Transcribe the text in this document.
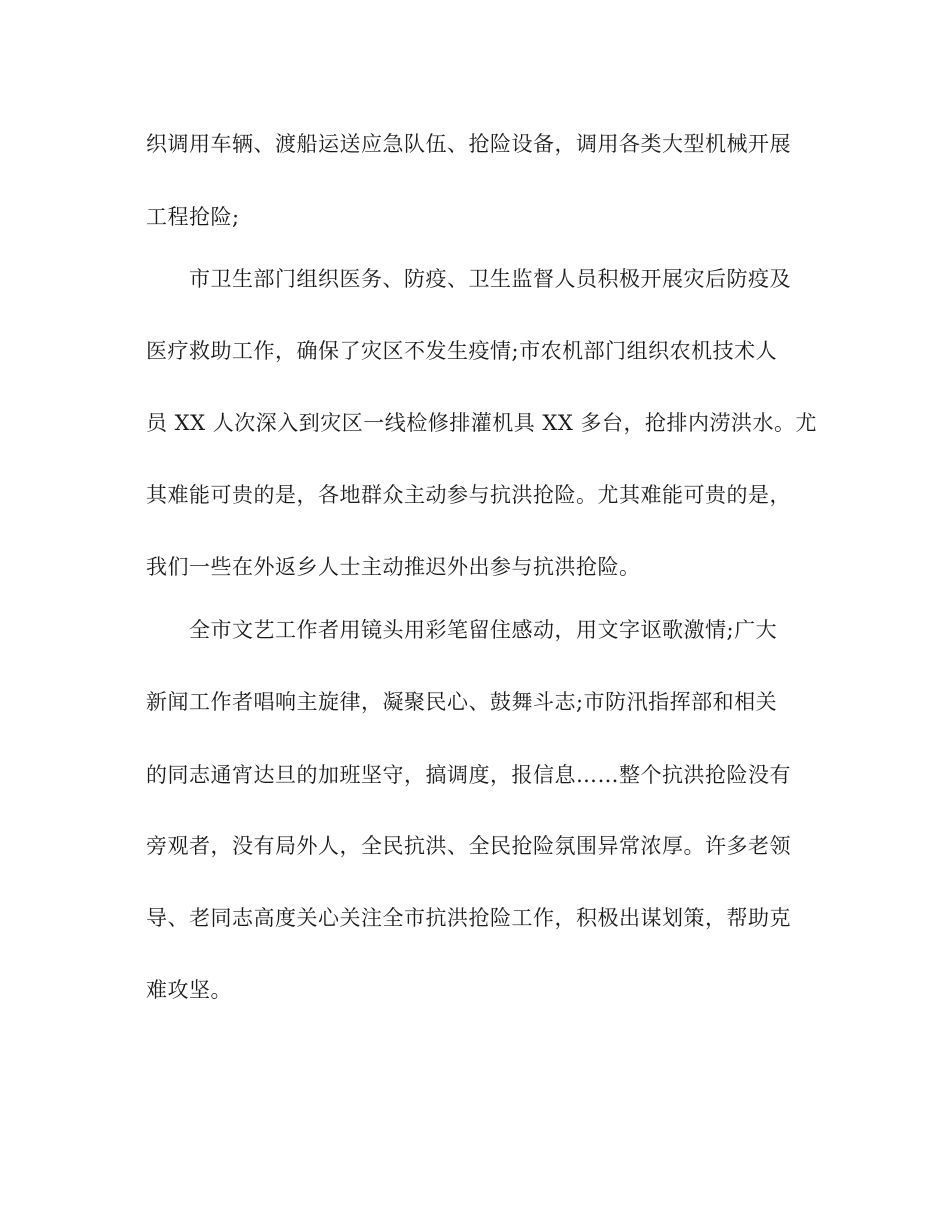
织调用车辆、渡船运送应急队伍、抢险设备，调用各类大型机械开展
工程抢险;
市卫生部门组织医务、防疫、卫生监督人员积极开展灾后防疫及
医疗救助工作，确保了灾区不发生疫情;市农机部门组织农机技术人
员 XX 人次深入到灾区一线检修排灌机具 XX 多台，抢排内涝洪水。尤
其难能可贵的是，各地群众主动参与抗洪抢险。尤其难能可贵的是，
我们一些在外返乡人士主动推迟外出参与抗洪抢险。
全市文艺工作者用镜头用彩笔留住感动，用文字讴歌激情;广大
新闻工作者唱响主旋律，凝聚民心、鼓舞斗志;市防汛指挥部和相关
的同志通宵达旦的加班坚守，搞调度，报信息……整个抗洪抢险没有
旁观者，没有局外人，全民抗洪、全民抢险氛围异常浓厚。许多老领
导、老同志高度关心关注全市抗洪抢险工作，积极出谋划策，帮助克
难攻坚。
